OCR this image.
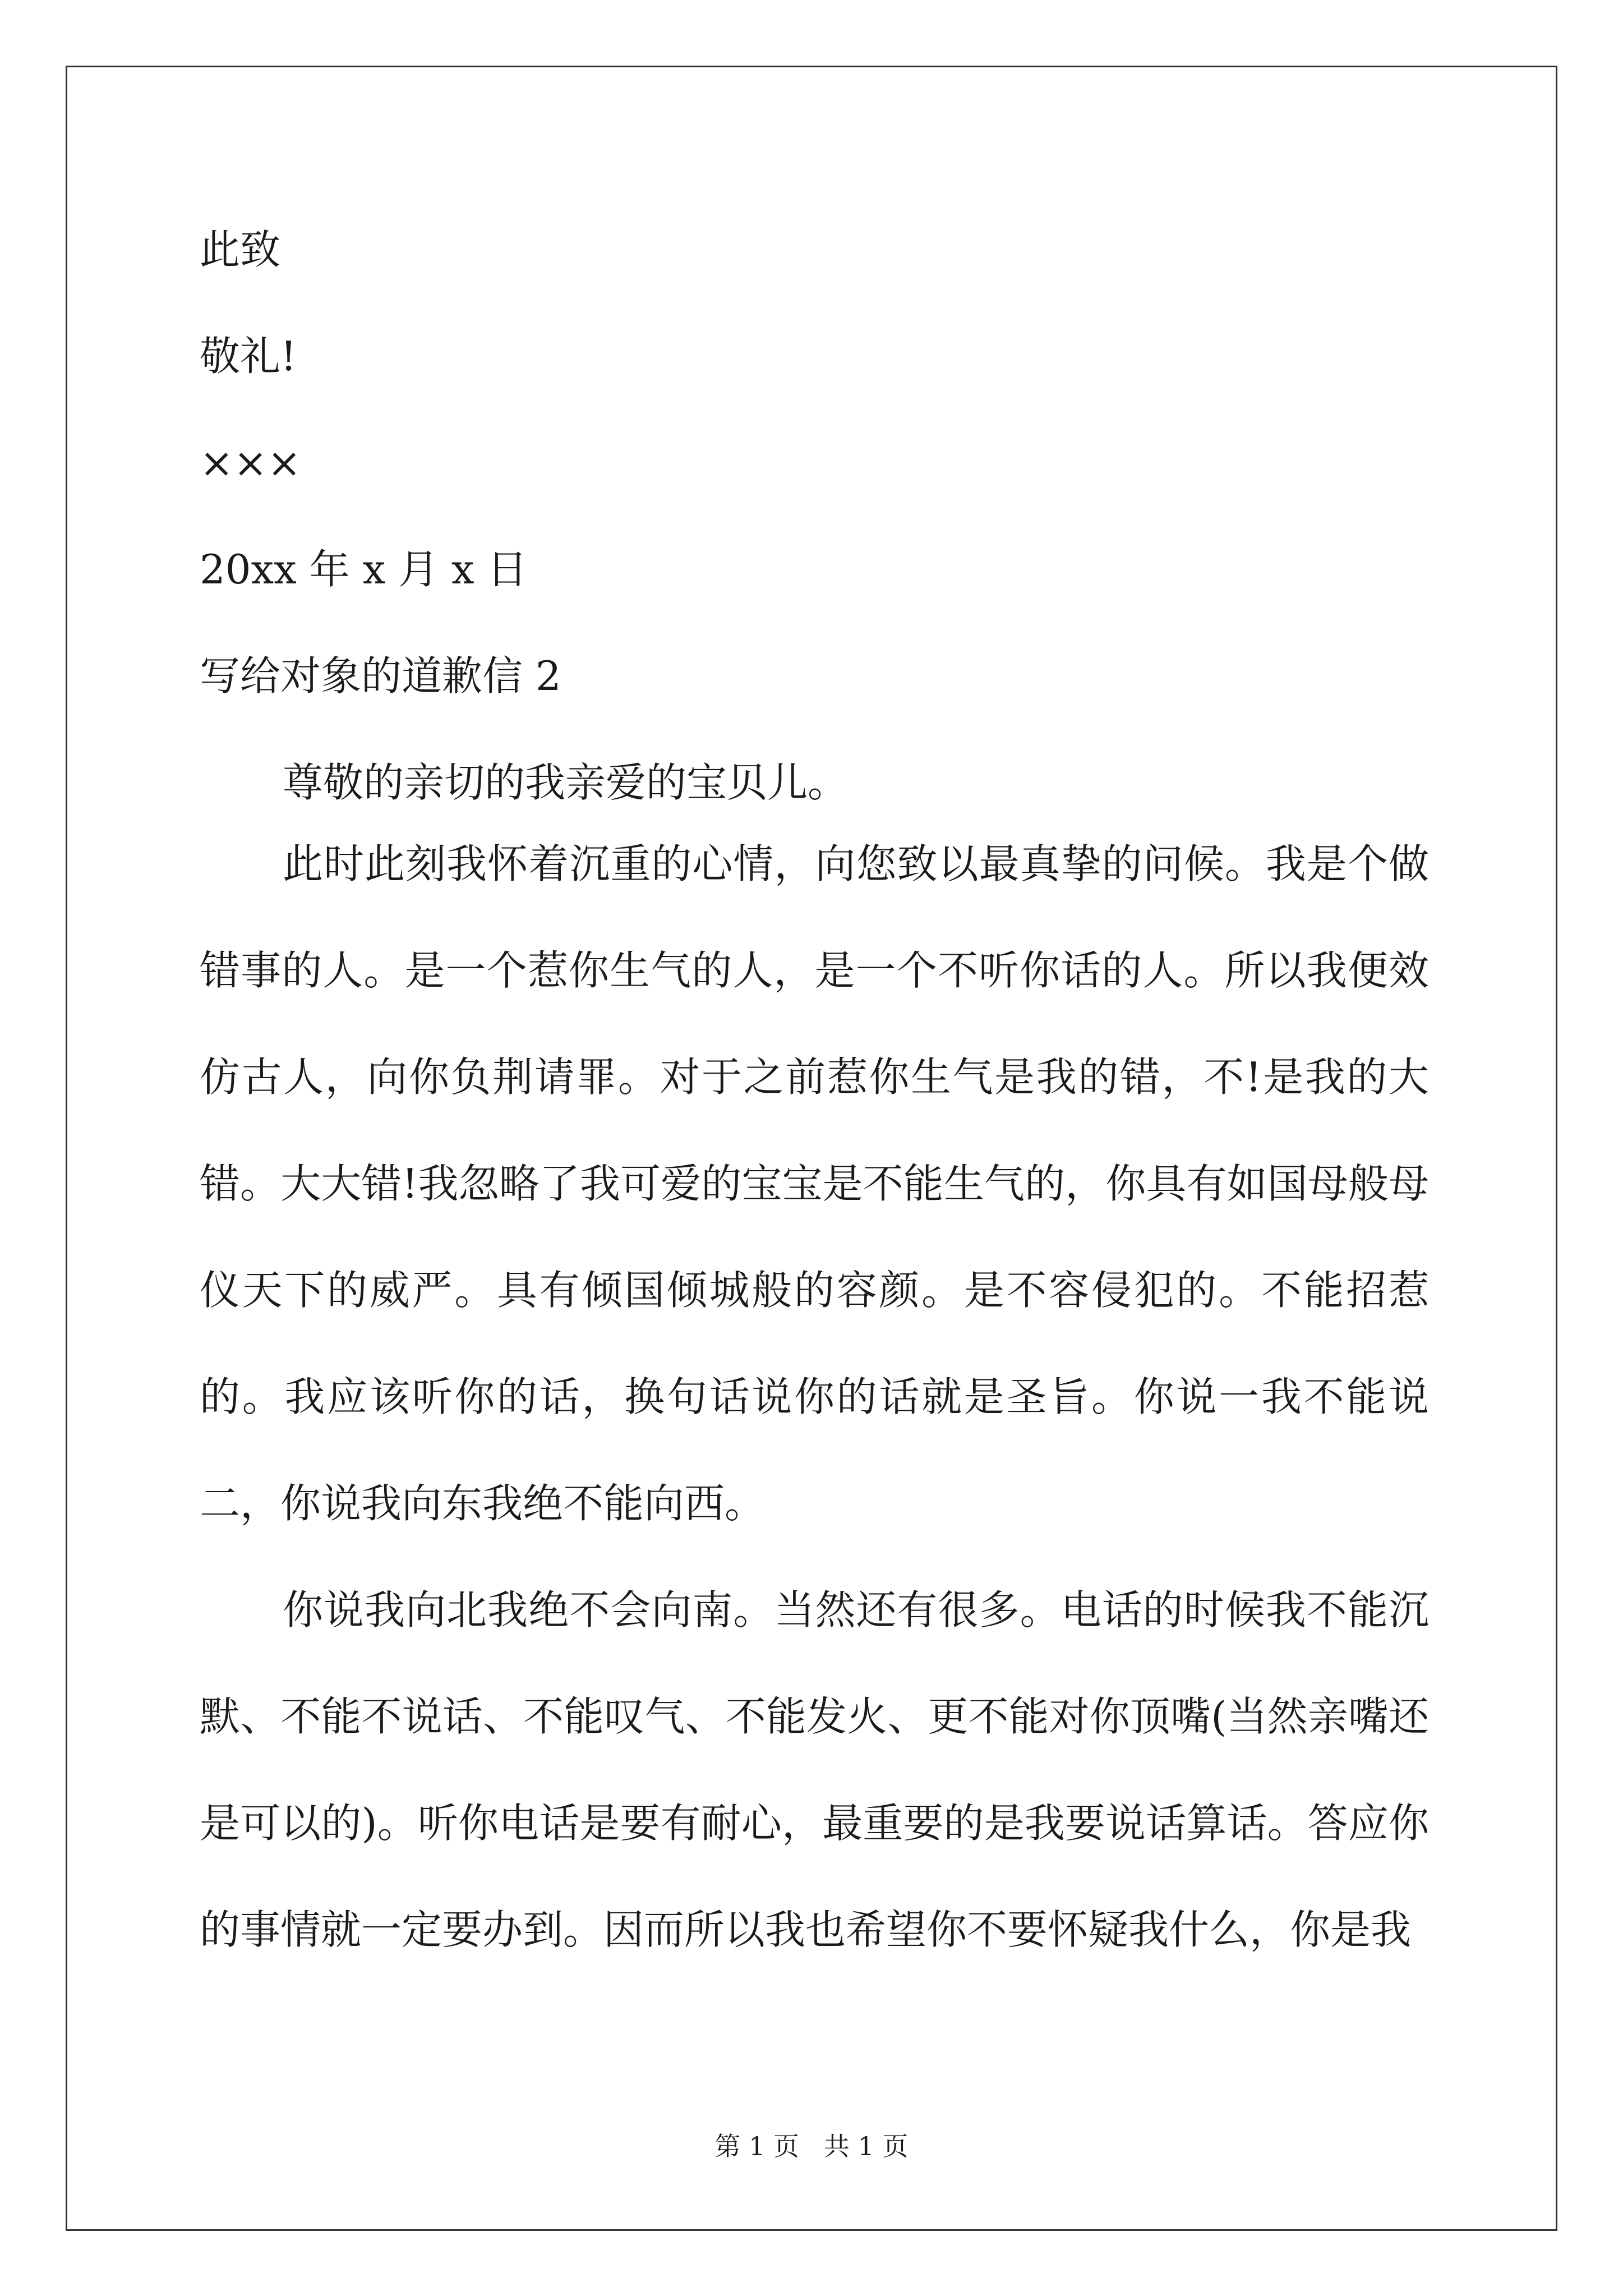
此致
敬礼!
×××
20xx 年 x 月 x 日
写给对象的道歉信 2
尊敬的亲切的我亲爱的宝贝儿。

此时此刻我怀着沉重的心情，向您致以最真挚的问候。我是个做错事的人。是一个惹你生气的人，是一个不听你话的人。所以我便效仿古人，向你负荆请罪。对于之前惹你生气是我的错，不!是我的大错。大大错!我忽略了我可爱的宝宝是不能生气的，你具有如国母般母仪天下的威严。具有倾国倾城般的容颜。是不容侵犯的。不能招惹的。我应该听你的话，换句话说你的话就是圣旨。你说一我不能说二，你说我向东我绝不能向西。

你说我向北我绝不会向南。当然还有很多。电话的时候我不能沉默、不能不说话、不能叹气、不能发火、更不能对你顶嘴(当然亲嘴还是可以的)。听你电话是要有耐心，最重要的是我要说话算话。答应你的事情就一定要办到。因而所以我也希望你不要怀疑我什么，你是我

第 1 页   共 1 页
